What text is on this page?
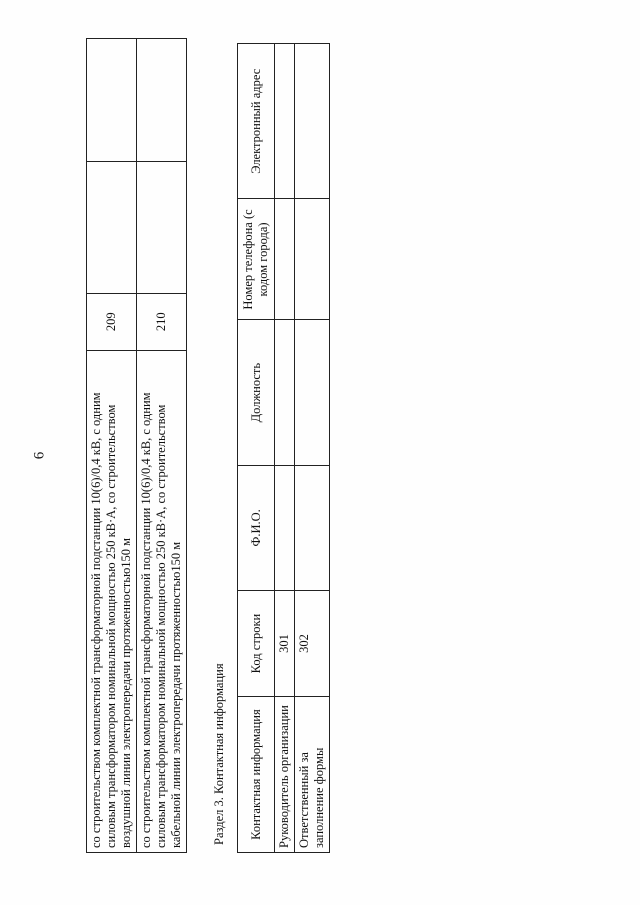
6	со строительством комплектной трансформаторной подстанции 10(6)/0,4 кВ, с одним силовым трансформатором номинальной мощностью 250 кВ·А, со строительством воздушной линии электропередачи протяженностью150 м	209		
со строительством комплектной трансформаторной подстанции 10(6)/0,4 кВ, с одним силовым трансформатором номинальной мощностью 250 кВ·А, со строительством кабельной линии электропередачи протяженностью150 м	210		
Раздел 3. Контактная информация Контактная информация	Код строки	Ф.И.О.	Должность	Номер телефона (с кодом города)	Электронный адрес
Руководитель организации	301				
Ответственный за заполнение формы	302				
